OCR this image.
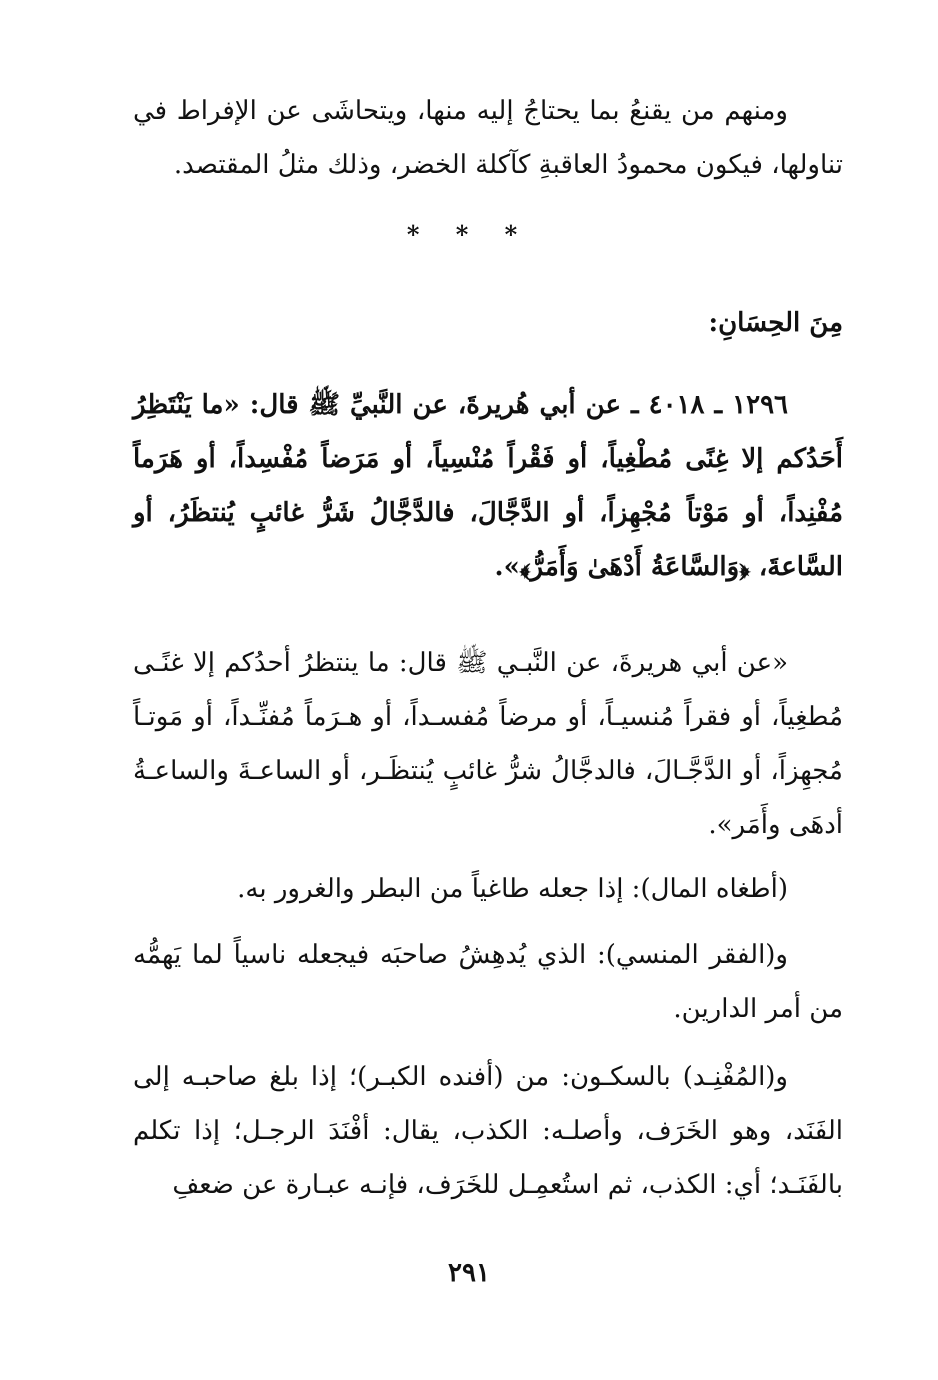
ومنهم من يقنعُ بما يحتاجُ إليه منها، ويتحاشَى عن الإفراط في تناولها، فيكون محمودُ العاقبةِ كآكلة الخضر، وذلك مثلُ المقتصد.

* * *

مِنَ الحِسَانِ:

١٢٩٦ ـ ٤٠١٨ ـ عن أبي هُريرةَ، عن النَّبيِّ ﷺ قال: «ما يَنْتَظِرُ أَحَدُكم إلا غِنًى مُطْغِياً، أو فَقْراً مُنْسِياً، أو مَرَضاً مُفْسِداً، أو هَرَماً مُفْنِداً، أو مَوْتاً مُجْهِزاً، أو الدَّجَّالَ، فالدَّجَّالُ شَرُّ غائبٍ يُنتظَرُ، أو السَّاعةَ، ﴿وَالسَّاعَةُ أَدْهَىٰ وَأَمَرُّ﴾».

«عن أبي هريرةَ، عن النَّبـي ﷺ قال: ما ينتظرُ أحدُكم إلا غنًـى مُطغِياً، أو فقراً مُنسيـاً، أو مرضاً مُفسـداً، أو هـرَماً مُفنِّـداً، أو مَوتـاً مُجهِزاً، أو الدَّجَّـالَ، فالدجَّالُ شرُّ غائبٍ يُنتظَـر، أو الساعـةَ والساعـةُ أدهَى وأَمَر».

(أطغاه المال): إذا جعله طاغياً من البطر والغرور به.

و(الفقر المنسي): الذي يُدهِشُ صاحبَه فيجعله ناسياً لما يَهمُّه من أمر الدارين.

و(المُفْنِـد) بالسكـون: من (أفنده الكبـر)؛ إذا بلغ صاحبـه إلى الفَنَد، وهو الخَرَف، وأصلـه: الكذب، يقال: أفْنَدَ الرجـل؛ إذا تكلم بالفَنَـد؛ أي: الكذب، ثم استُعمِـل للخَرَف، فإنـه عبـارة عن ضعفِ

٢٩١
